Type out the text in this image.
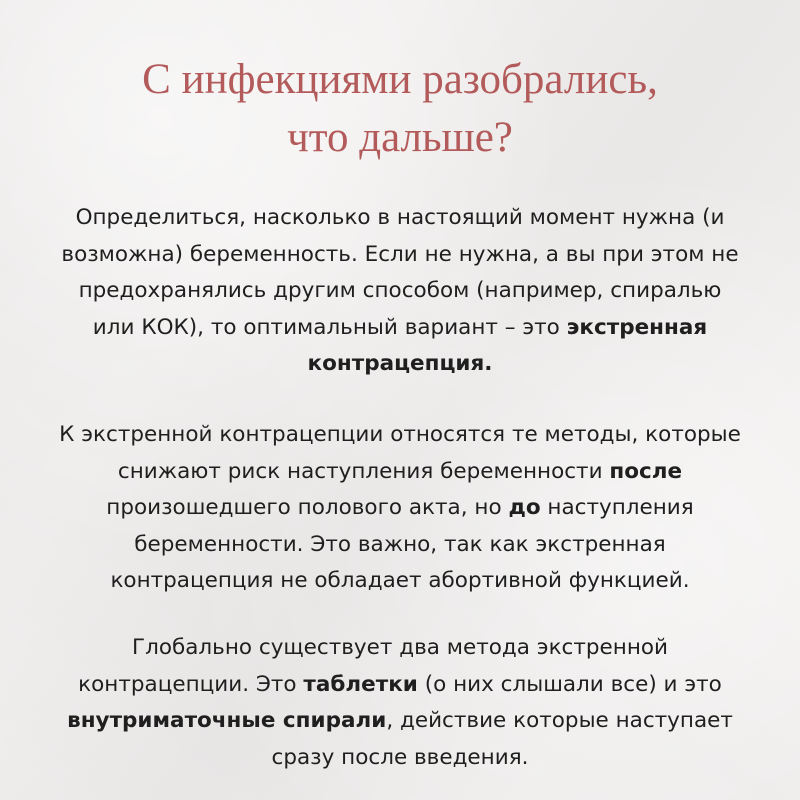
С инфекциями разобрались,
что дальше?

Определиться, насколько в настоящий момент нужна (и
возможна) беременность. Если не нужна, а вы при этом не
предохранялись другим способом (например, спиралью
или КОК), то оптимальный вариант – это экстренная
контрацепция.

К экстренной контрацепции относятся те методы, которые
снижают риск наступления беременности после
произошедшего полового акта, но до наступления
беременности. Это важно, так как экстренная
контрацепция не обладает абортивной функцией.

Глобально существует два метода экстренной
контрацепции. Это таблетки (о них слышали все) и это
внутриматочные спирали, действие которые наступает
сразу после введения.
